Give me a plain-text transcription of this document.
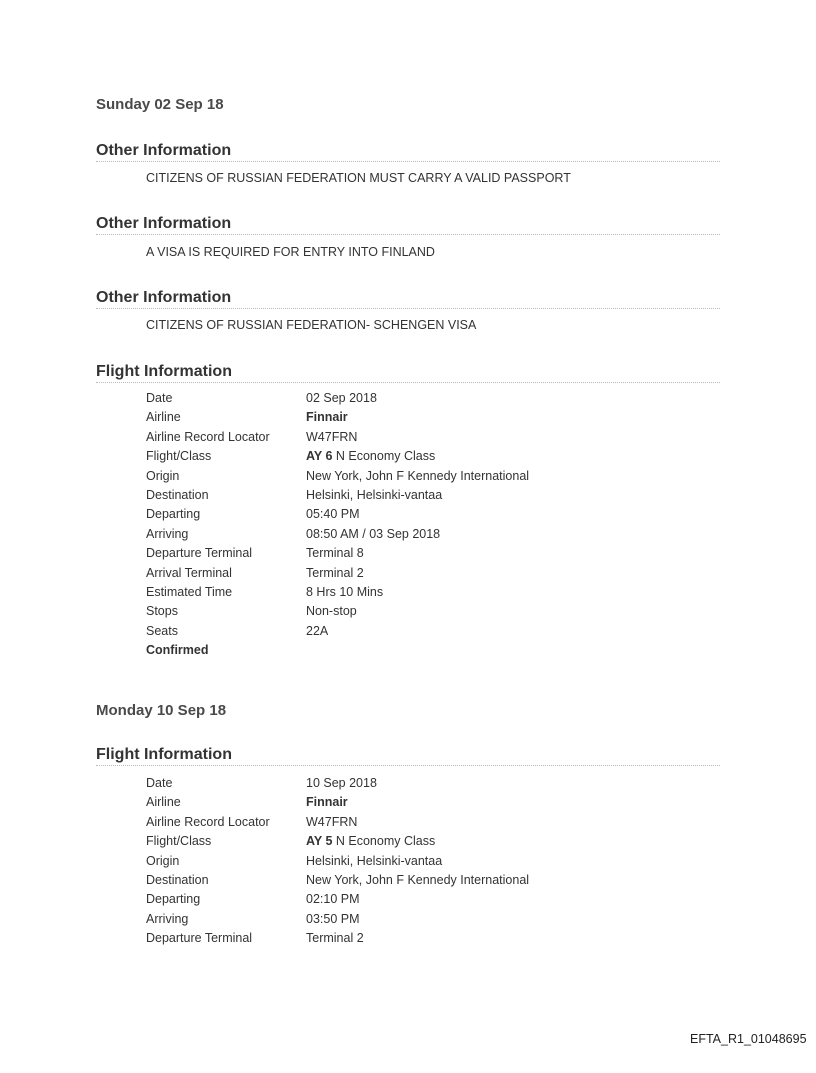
Sunday 02 Sep 18
Other Information
CITIZENS OF RUSSIAN FEDERATION MUST CARRY A VALID PASSPORT
Other Information
A VISA IS REQUIRED FOR ENTRY INTO FINLAND
Other Information
CITIZENS OF RUSSIAN FEDERATION- SCHENGEN VISA
Flight Information
Date	02 Sep 2018
Airline	Finnair
Airline Record Locator	W47FRN
Flight/Class	AY 6 N Economy Class
Origin	New York, John F Kennedy International
Destination	Helsinki, Helsinki-vantaa
Departing	05:40 PM
Arriving	08:50 AM / 03 Sep 2018
Departure Terminal	Terminal 8
Arrival Terminal	Terminal 2
Estimated Time	8 Hrs 10 Mins
Stops	Non-stop
Seats	22A
Confirmed
Monday 10 Sep 18
Flight Information
Date	10 Sep 2018
Airline	Finnair
Airline Record Locator	W47FRN
Flight/Class	AY 5 N Economy Class
Origin	Helsinki, Helsinki-vantaa
Destination	New York, John F Kennedy International
Departing	02:10 PM
Arriving	03:50 PM
Departure Terminal	Terminal 2
EFTA_R1_01048695
